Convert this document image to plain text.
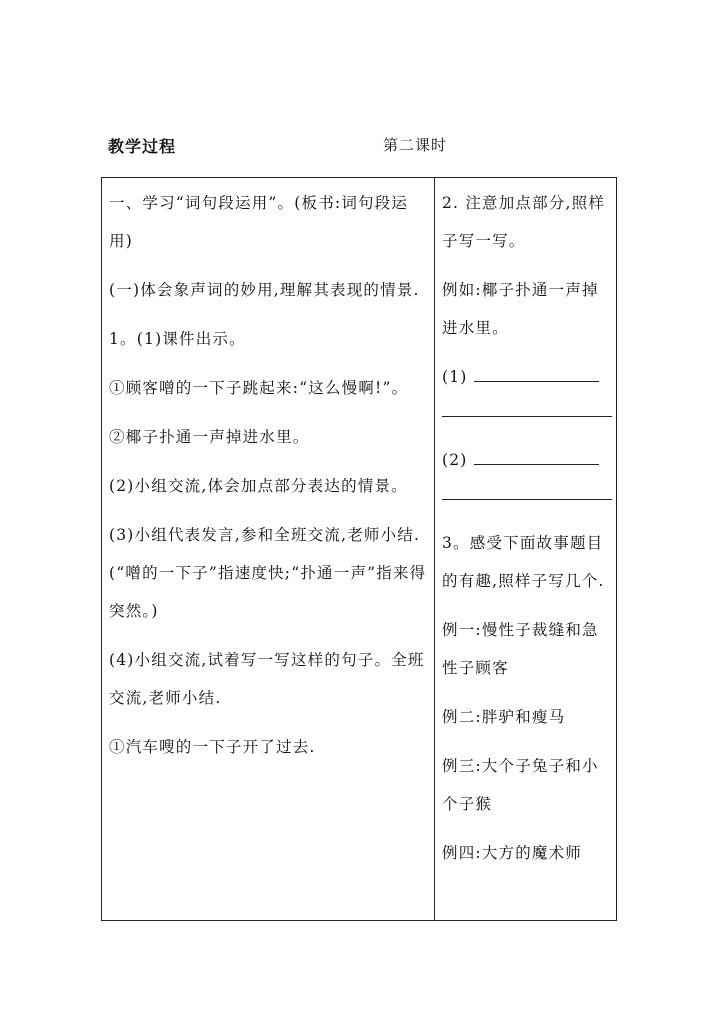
教学过程	第二课时

一、学习“词句段运用”。(板书:词句段运用)

(一)体会象声词的妙用,理解其表现的情景.

1。(1)课件出示。

①顾客噌的一下子跳起来:“这么慢啊!”。

②椰子扑通一声掉进水里。

(2)小组交流,体会加点部分表达的情景。

(3)小组代表发言,参和全班交流,老师小结.(“噌的一下子”指速度快;“扑通一声”指来得突然。)

(4)小组交流,试着写一写这样的句子。全班交流,老师小结.

①汽车嗖的一下子开了过去.

2. 注意加点部分,照样子写一写。

例如:椰子扑通一声掉进水里。

(1)
(2)

3。感受下面故事题目的有趣,照样子写几个.

例一:慢性子裁缝和急性子顾客

例二:胖驴和瘦马

例三:大个子兔子和小个子猴

例四:大方的魔术师
